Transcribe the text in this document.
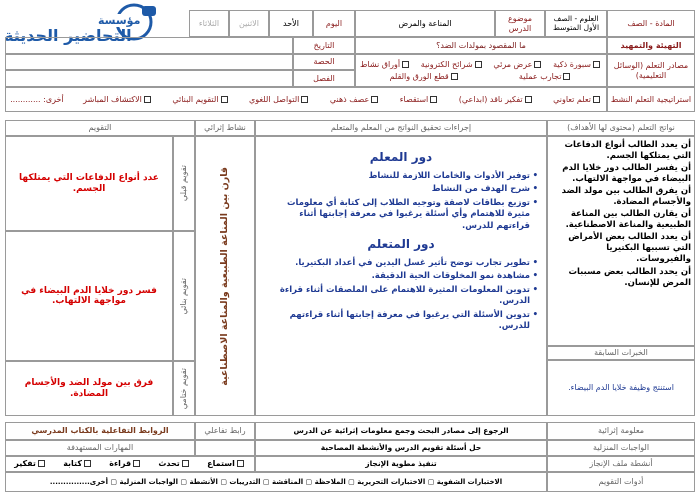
مؤسسة
التحاضير الحديثة
المادة - الصف
العلوم - الصف الأول المتوسط
موضوع الدرس
المناعة والمرض
اليوم
الأحد
الاثنين
الثلاثاء
التهيئة والتمهيد
ما المقصود بمولدات الضد؟
التاريخ
مصادر التعلم (الوسائل التعليمية)
سبورة ذكية
عرض مرئي
شرائح الكترونية
أوراق نشاط
تجارب عملية
قطع الورق والقلم
الحصة
الفصل
استراتيجية التعلم النشط
تعلم تعاوني
تفكير ناقد (ابداعي)
استقصاء
عصف ذهني
التواصل اللغوي
التقويم البنائي
الاكتشاف المباشر
أخرى: ............
نواتج التعلم (محتوى لها الأهداف)
إجراءات تحقيق النواتج من المعلم والمتعلم
نشاط إثرائي
التقويم
أن يعدد الطالب أنواع الدفاعات التي يمتلكها الجسم.
أن يفسر الطالب دور خلايا الدم البيضاء في مواجهة الالتهاب.
أن يفرق الطالب بين مولد الضد والأجسام المضادة.
أن يقارن الطالب بين المناعة الطبيعية والمناعة الاصطناعية.
أن يعدد الطالب بعض الأمراض التي تسببها البكتيريا والفيروسات.
أن يحدد الطالب بعض مسببات المرض للإنسان.
الخبرات السابقة
استنتج وظيفة خلايا الدم البيضاء.
دور المعلم
• توفير الأدوات والخامات اللازمة للنشاط
• شرح الهدف من النشاط
• توزيع بطاقات لاصقة وتوجيه الطلاب إلى كتابة أي معلومات مثيرة للاهتمام وأي أسئلة يرغبوا في معرفة إجابتها أثناء قراءتهم للدرس.
دور المتعلم
• تطوير تجارب توضح تأثير غسل اليدين في أعداد البكتيريا.
• مشاهدة نمو المخلوقات الحية الدقيقة.
• تدوين المعلومات المثيرة للاهتمام على الملصقات أثناء قراءة الدرس.
• تدوين الأسئلة التي يرغبوا في معرفة إجابتها أثناء قراءتهم للدرس.
قارن بين المناعة الطبيعية والمناعة الاصطناعية
تقويم قبلي
عدد أنواع الدفاعات التي يمتلكها الجسم.
تقويم بنائي
فسر دور خلايا الدم البيضاء في مواجهة الالتهاب.
تقويم ختامي
فرق بين مولد الضد والأجسام المضادة.
معلومة إثرائية
الرجوع إلى مصادر البحث وجمع معلومات إثرائية عن الدرس
رابط تفاعلي
الروابط التفاعلية بالكتاب المدرسي
الواجبات المنزلية
حل أسئلة تقويم الدرس والأنشطة المصاحبة
المهارات المستهدفة
أنشطة ملف الإنجاز
تنفيذ مطوية الإنجاز
استماع
تحدث
قراءة
كتابة
تفكير
أدوات التقويم
الاختبارات الشفوية ▢ الاختبارات التحريرية ▢ الملاحظة ▢ المناقشة ▢ التدريبات ▢ الأنشطة ▢ الواجبات المنزلية ▢ أخرى...............
